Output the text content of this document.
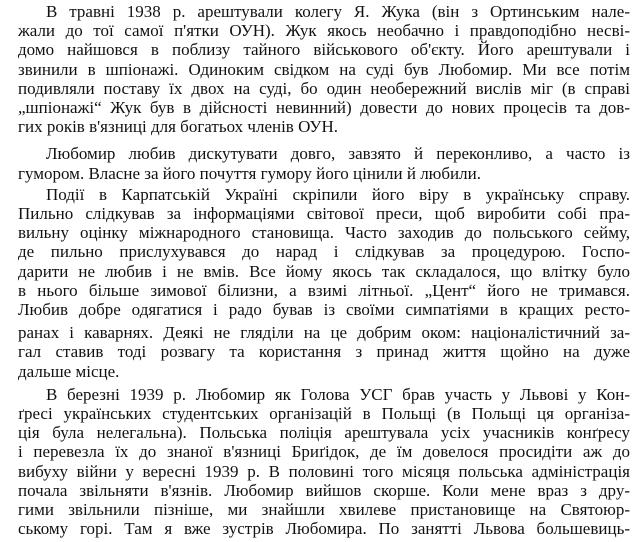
В травні 1938 р. арештували колегу Я. Жука (він з Ортинським нале-
жали до тої самої п'ятки ОУН). Жук якось необачно і правдоподібно несві-
домо найшовся в поблизу тайного військового об'єкту. Його арештували і
звинили в шпіонажі. Одиноким свідком на суді був Любомир. Ми все потім
подивляли поставу їх двох на суді, бо один необережний вислів міг (в справі
„шпіонажі“ Жук був в дійсності невинний) довести до нових процесів та дов-
гих років в'язниці для богатьох членів ОУН.
Любомир любив дискутувати довго, завзято й переконливо, а часто із
гумором. Власне за його почуття гумору його цінили й любили.
Події в Карпатській Україні скріпили його віру в українську справу.
Пильно слідкував за інформаціями світової преси, щоб виробити собі пра-
вильну оцінку міжнародного становища. Часто заходив до польського сейму,
де пильно прислухувався до нарад і слідкував за процедурою. Госпо-
дарити не любив і не вмів. Все йому якось так складалося, що влітку було
в нього більше зимової білизни, а взимі літньої. „Цент“ його не тримався.
Любив добре одягатися і радо бував із своїми симпатіями в кращих ресто-
ранах і каварнях. Деякі не гляділи на це добрим оком: націоналістичний за-
гал ставив тоді розвагу та користання з принад життя щойно на дуже
дальше місце.
В березні 1939 р. Любомир як Голова УСГ брав участь у Львові у Кон-
ґресі українських студентських організацій в Польщі (в Польщі ця організа-
ція була нелегальна). Польська поліція арештувала усіх учасників конґресу
і перевезла їх до знаної в'язниці Бриґідок, де їм довелося просидіти аж до
вибуху війни у вересні 1939 р. В половині того місяця польська адміністрація
почала звільняти в'язнів. Любомир вийшов скорше. Коли мене враз з дру-
гими звільнили пізніше, ми знайшли хвилеве пристановище на Святоюр-
ському горі. Там я вже зустрів Любомира. По занятті Львова большевиць-
